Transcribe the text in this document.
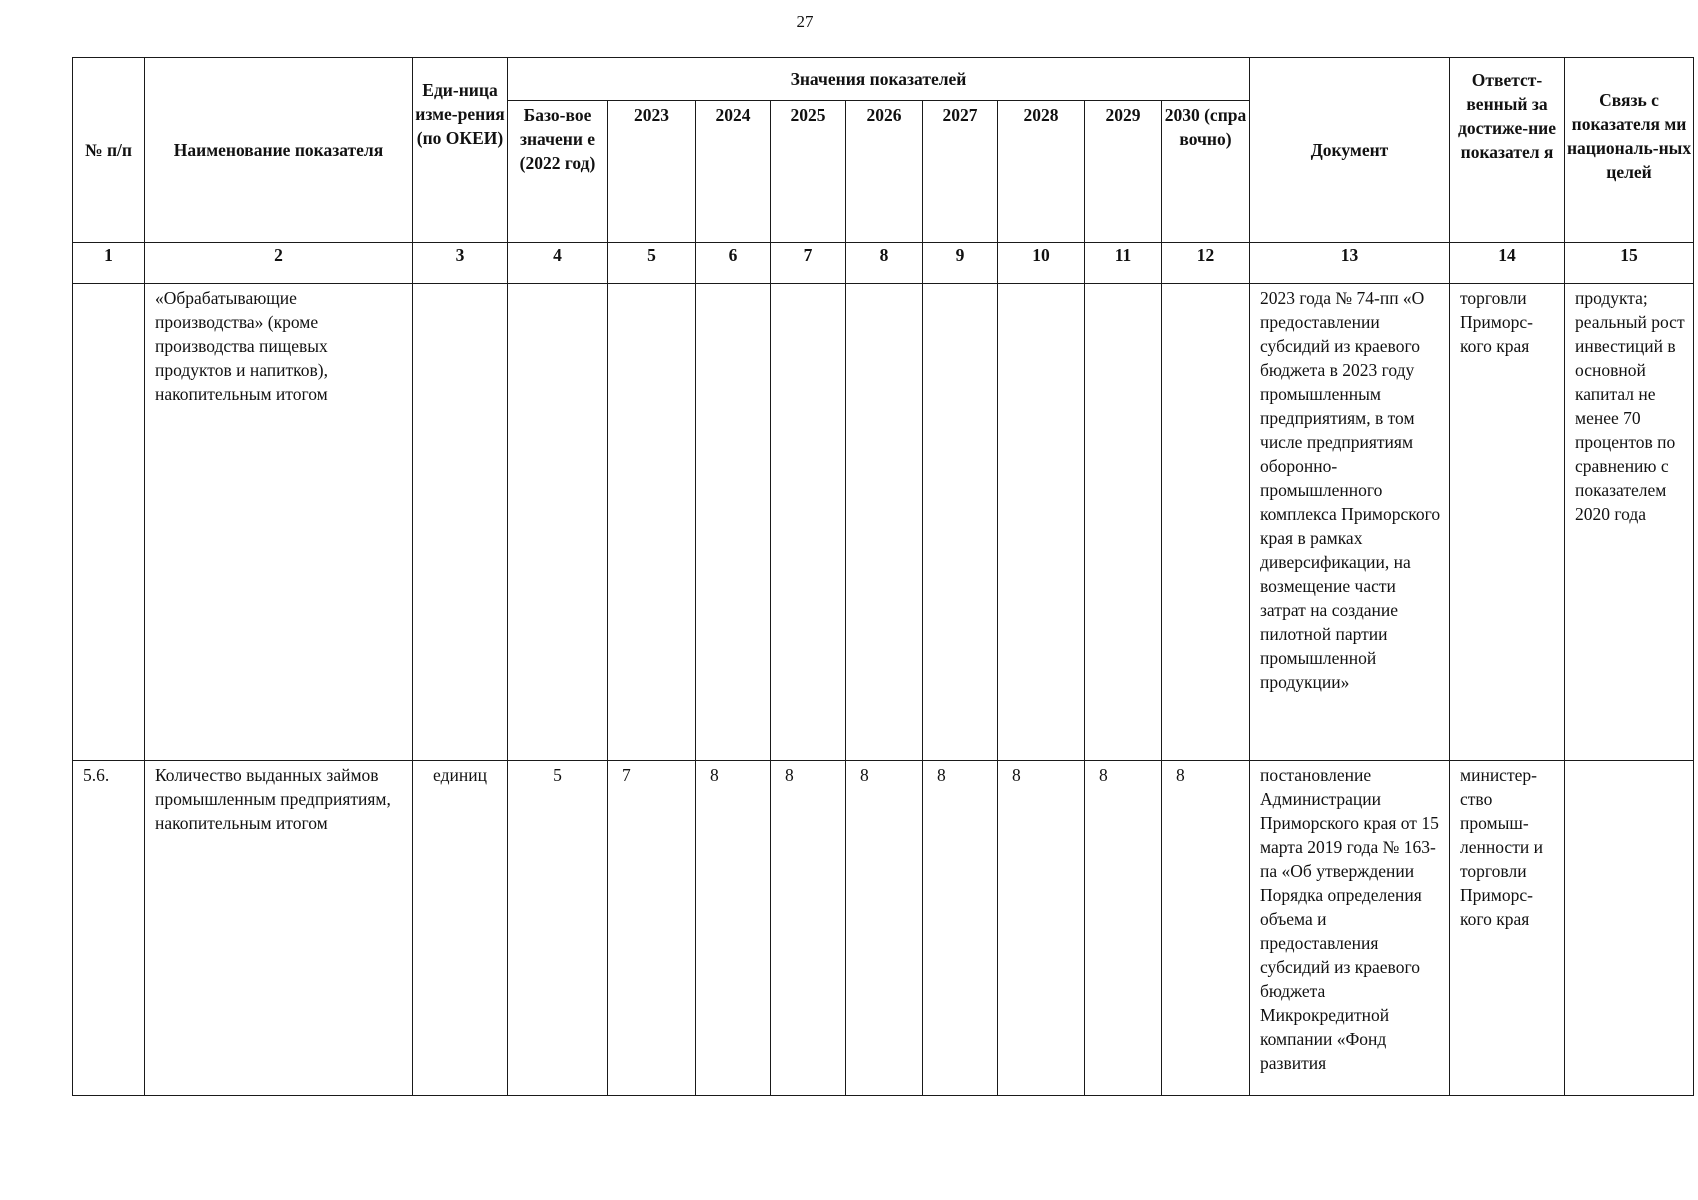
27
№ п/п	Наименование показателя	Еди-ница изме-рения (по ОКЕИ)	Значения показателей									Документ	Ответст-венный за достиже-ние показател я	Связь с показателя ми националь-ных целей
			Базо-вое значени е (2022 год)	2023	2024	2025	2026	2027	2028	2029	2030 (спра вочно)			
1	2	3	4	5	6	7	8	9	10	11	12	13	14	15

	«Обрабатывающие производства» (кроме производства пищевых продуктов и напитков), накопительным итогом											2023 года № 74-пп «О предоставлении субсидий из краевого бюджета в 2023 году промышленным предприятиям, в том числе предприятиям оборонно-промышленного комплекса Приморского края в рамках диверсификации, на возмещение части затрат на создание пилотной партии промышленной продукции»	торговли Приморс-кого края	продукта; реальный рост инвестиций в основной капитал не менее 70 процентов по сравнению с показателем 2020 года

5.6.	Количество выданных займов промышленным предприятиям, накопительным итогом	единиц	5	7	8	8	8	8	8	8	8	постановление Администрации Приморского края от 15 марта 2019 года № 163-па «Об утверждении Порядка определения объема и предоставления субсидий из краевого бюджета Микрокредитной компании «Фонд развития	министер-ство промыш-ленности и торговли Приморс-кого края	
